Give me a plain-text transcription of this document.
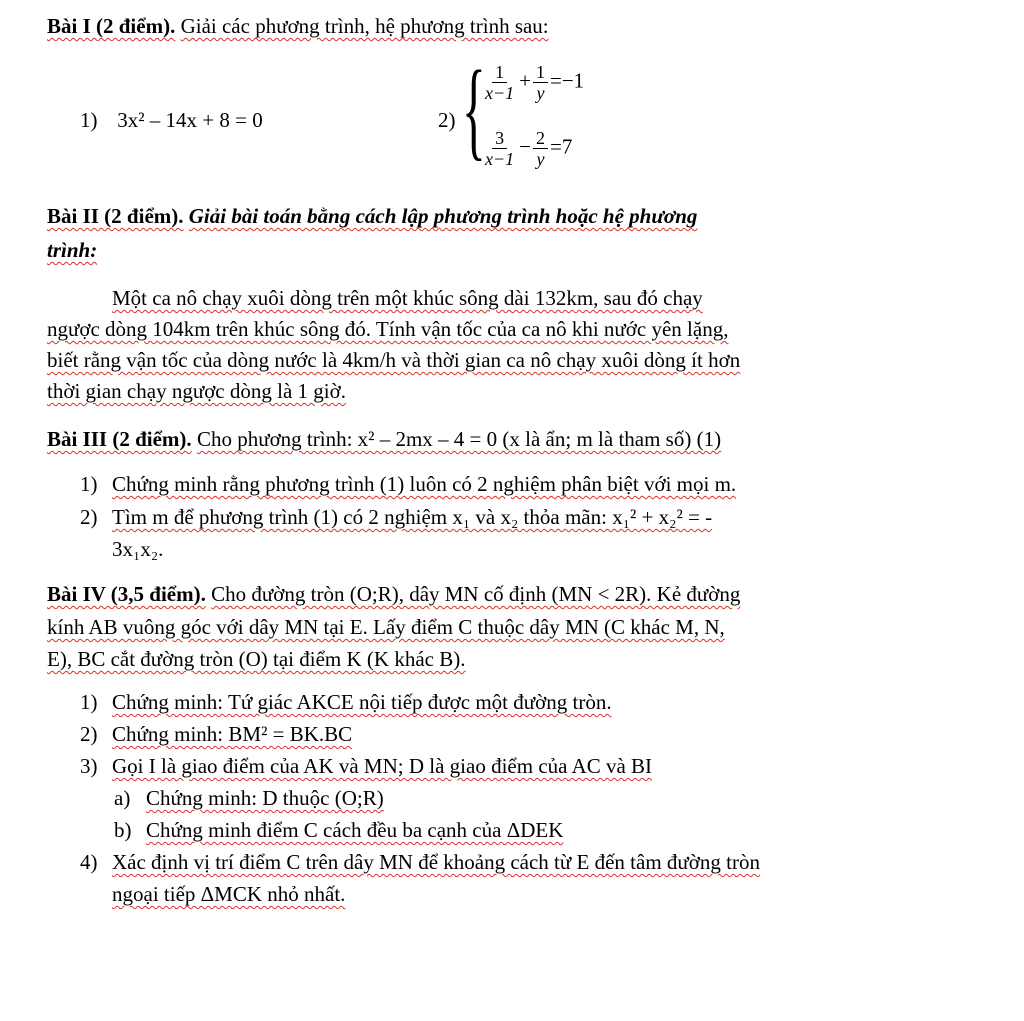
Bài I (2 điểm). Giải các phương trình, hệ phương trình sau:
1) 3x² – 14x + 8 = 0	2) {
$\frac{1}{x-1} + \frac{1}{y} =-1$
$\frac{3}{x-1} - \frac{2}{y} =7$
Bài II (2 điểm). Giải bài toán bằng cách lập phương trình hoặc hệ phương
trình:
Một ca nô chạy xuôi dòng trên một khúc sông dài 132km, sau đó chạy
ngược dòng 104km trên khúc sông đó. Tính vận tốc của ca nô khi nước yên lặng,
biết rằng vận tốc của dòng nước là 4km/h và thời gian ca nô chạy xuôi dòng ít hơn
thời gian chạy ngược dòng là 1 giờ.
Bài III (2 điểm). Cho phương trình: x² – 2mx – 4 = 0 (x là ẩn; m là tham số) (1)
1) Chứng minh rằng phương trình (1) luôn có 2 nghiệm phân biệt với mọi m.
2) Tìm m để phương trình (1) có 2 nghiệm x₁ và x₂ thỏa mãn: x₁² + x₂² = -
3x₁x₂.
Bài IV (3,5 điểm). Cho đường tròn (O;R), dây MN cố định (MN < 2R). Kẻ đường
kính AB vuông góc với dây MN tại E. Lấy điểm C thuộc dây MN (C khác M, N,
E), BC cắt đường tròn (O) tại điểm K (K khác B).
1) Chứng minh: Tứ giác AKCE nội tiếp được một đường tròn.
2) Chứng minh: BM² = BK.BC
3) Gọi I là giao điểm của AK và MN; D là giao điểm của AC và BI
a) Chứng minh: D thuộc (O;R)
b) Chứng minh điểm C cách đều ba cạnh của ΔDEK
4) Xác định vị trí điểm C trên dây MN để khoảng cách từ E đến tâm đường tròn
ngoại tiếp ΔMCK nhỏ nhất.
